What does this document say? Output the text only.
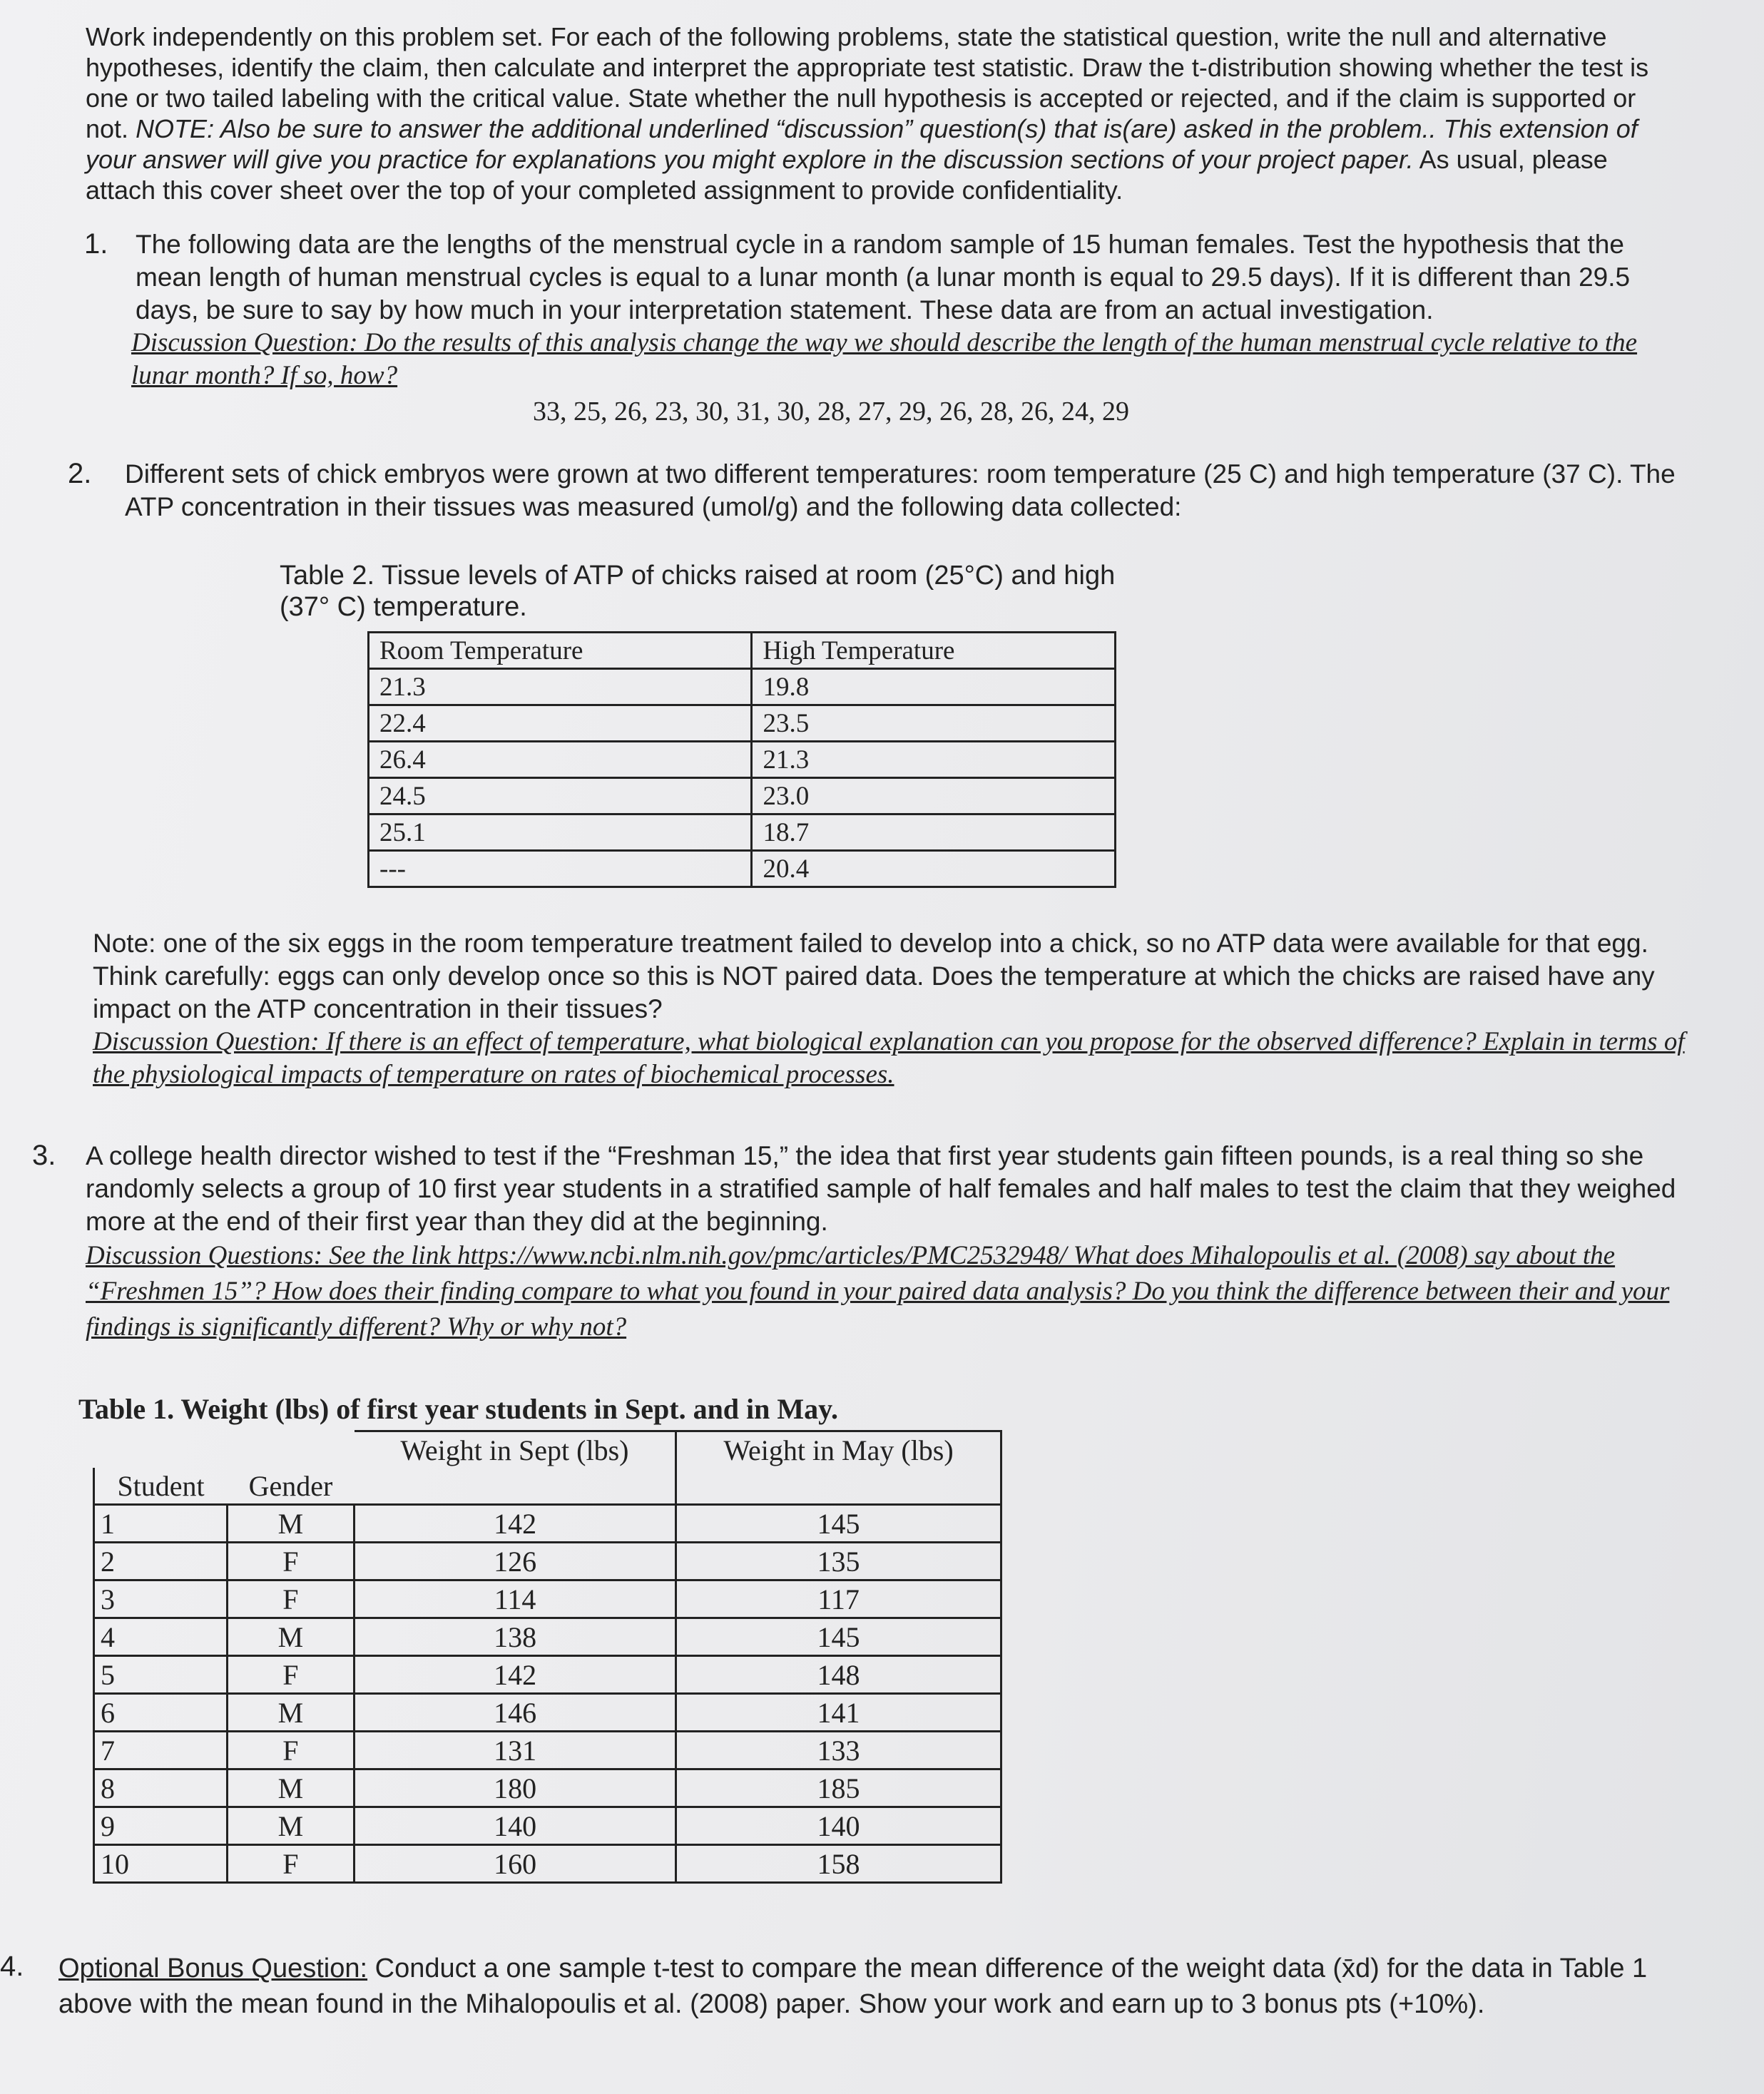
Work independently on this problem set. For each of the following problems, state the statistical question, write the null and alternative hypotheses, identify the claim, then calculate and interpret the appropriate test statistic. Draw the t-distribution showing whether the test is one or two tailed labeling with the critical value. State whether the null hypothesis is accepted or rejected, and if the claim is supported or not. NOTE: Also be sure to answer the additional underlined “discussion” question(s) that is(are) asked in the problem.. This extension of your answer will give you practice for explanations you might explore in the discussion sections of your project paper. As usual, please attach this cover sheet over the top of your completed assignment to provide confidentiality.
1. The following data are the lengths of the menstrual cycle in a random sample of 15 human females. Test the hypothesis that the mean length of human menstrual cycles is equal to a lunar month (a lunar month is equal to 29.5 days). If it is different than 29.5 days, be sure to say by how much in your interpretation statement. These data are from an actual investigation.
Discussion Question: Do the results of this analysis change the way we should describe the length of the human menstrual cycle relative to the lunar month? If so, how?
33, 25, 26, 23, 30, 31, 30, 28, 27, 29, 26, 28, 26, 24, 29
2. Different sets of chick embryos were grown at two different temperatures: room temperature (25 C) and high temperature (37 C). The ATP concentration in their tissues was measured (umol/g) and the following data collected:
Table 2. Tissue levels of ATP of chicks raised at room (25°C) and high (37° C) temperature.
Room Temperature	High Temperature
21.3	19.8
22.4	23.5
26.4	21.3
24.5	23.0
25.1	18.7
---	20.4
Note: one of the six eggs in the room temperature treatment failed to develop into a chick, so no ATP data were available for that egg. Think carefully: eggs can only develop once so this is NOT paired data. Does the temperature at which the chicks are raised have any impact on the ATP concentration in their tissues?
Discussion Question: If there is an effect of temperature, what biological explanation can you propose for the observed difference? Explain in terms of the physiological impacts of temperature on rates of biochemical processes.
3. A college health director wished to test if the “Freshman 15,” the idea that first year students gain fifteen pounds, is a real thing so she randomly selects a group of 10 first year students in a stratified sample of half females and half males to test the claim that they weighed more at the end of their first year than they did at the beginning.
Discussion Questions: See the link https://www.ncbi.nlm.nih.gov/pmc/articles/PMC2532948/ What does Mihalopoulis et al. (2008) say about the “Freshmen 15”? How does their finding compare to what you found in your paired data analysis? Do you think the difference between their and your findings is significantly different? Why or why not?
Table 1. Weight (lbs) of first year students in Sept. and in May.
		Weight in Sept (lbs)	Weight in May (lbs)
Student	Gender		
1	M	142	145
2	F	126	135
3	F	114	117
4	M	138	145
5	F	142	148
6	M	146	141
7	F	131	133
8	M	180	185
9	M	140	140
10	F	160	158
4. Optional Bonus Question: Conduct a one sample t-test to compare the mean difference of the weight data (x̄d) for the data in Table 1 above with the mean found in the Mihalopoulis et al. (2008) paper. Show your work and earn up to 3 bonus pts (+10%).
